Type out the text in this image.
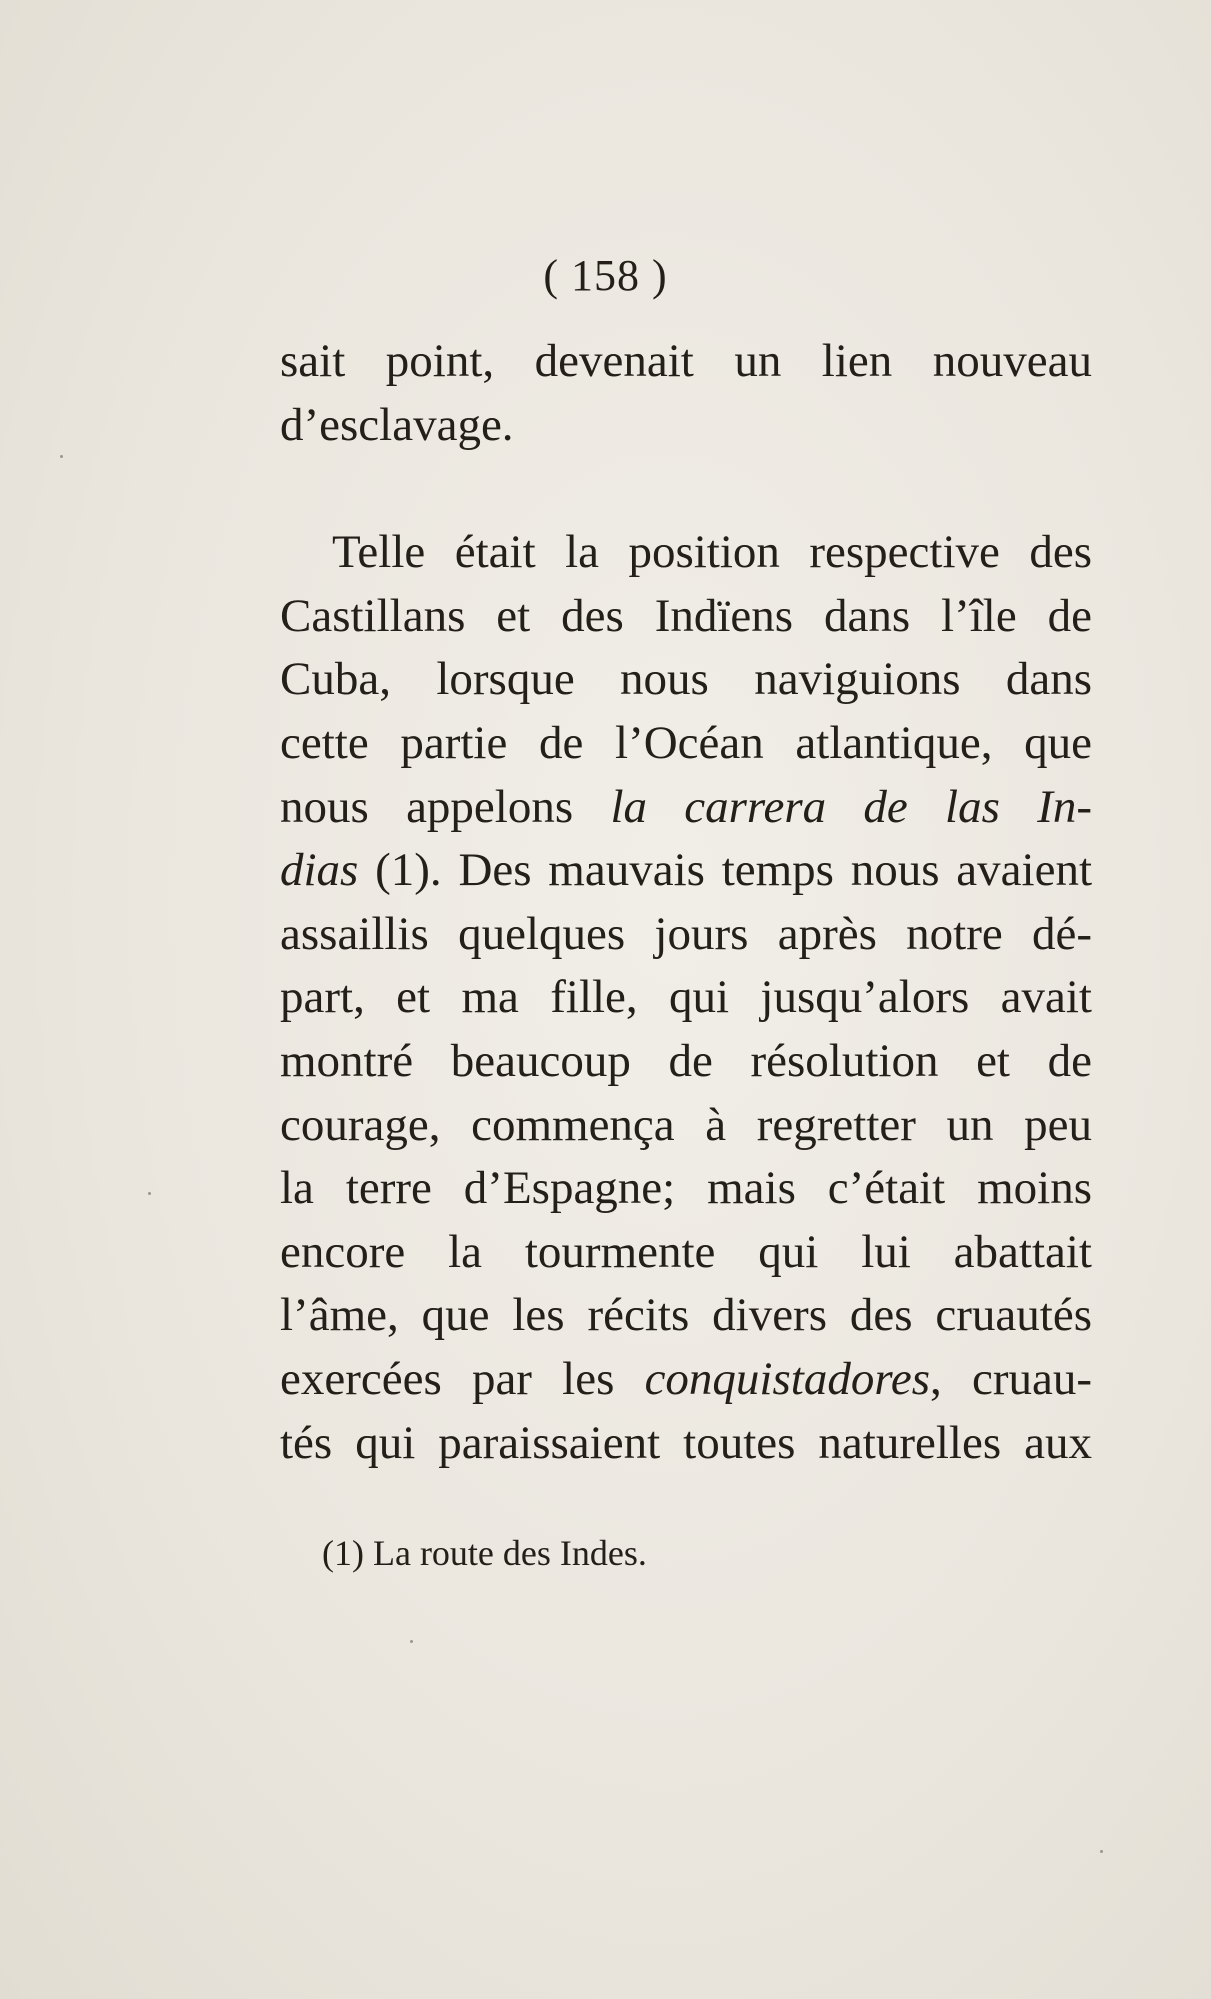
( 158 )
sait point, devenait un lien nouveau
d’esclavage.
Telle était la position respective des
Castillans et des Indïens dans l’île de
Cuba, lorsque nous naviguions dans
cette partie de l’Océan atlantique, que
nous appelons la carrera de las In-
dias (1). Des mauvais temps nous avaient
assaillis quelques jours après notre dé-
part, et ma fille, qui jusqu’alors avait
montré beaucoup de résolution et de
courage, commença à regretter un peu
la terre d’Espagne; mais c’était moins
encore la tourmente qui lui abattait
l’âme, que les récits divers des cruautés
exercées par les conquistadores, cruau-
tés qui paraissaient toutes naturelles aux
(1) La route des Indes.
